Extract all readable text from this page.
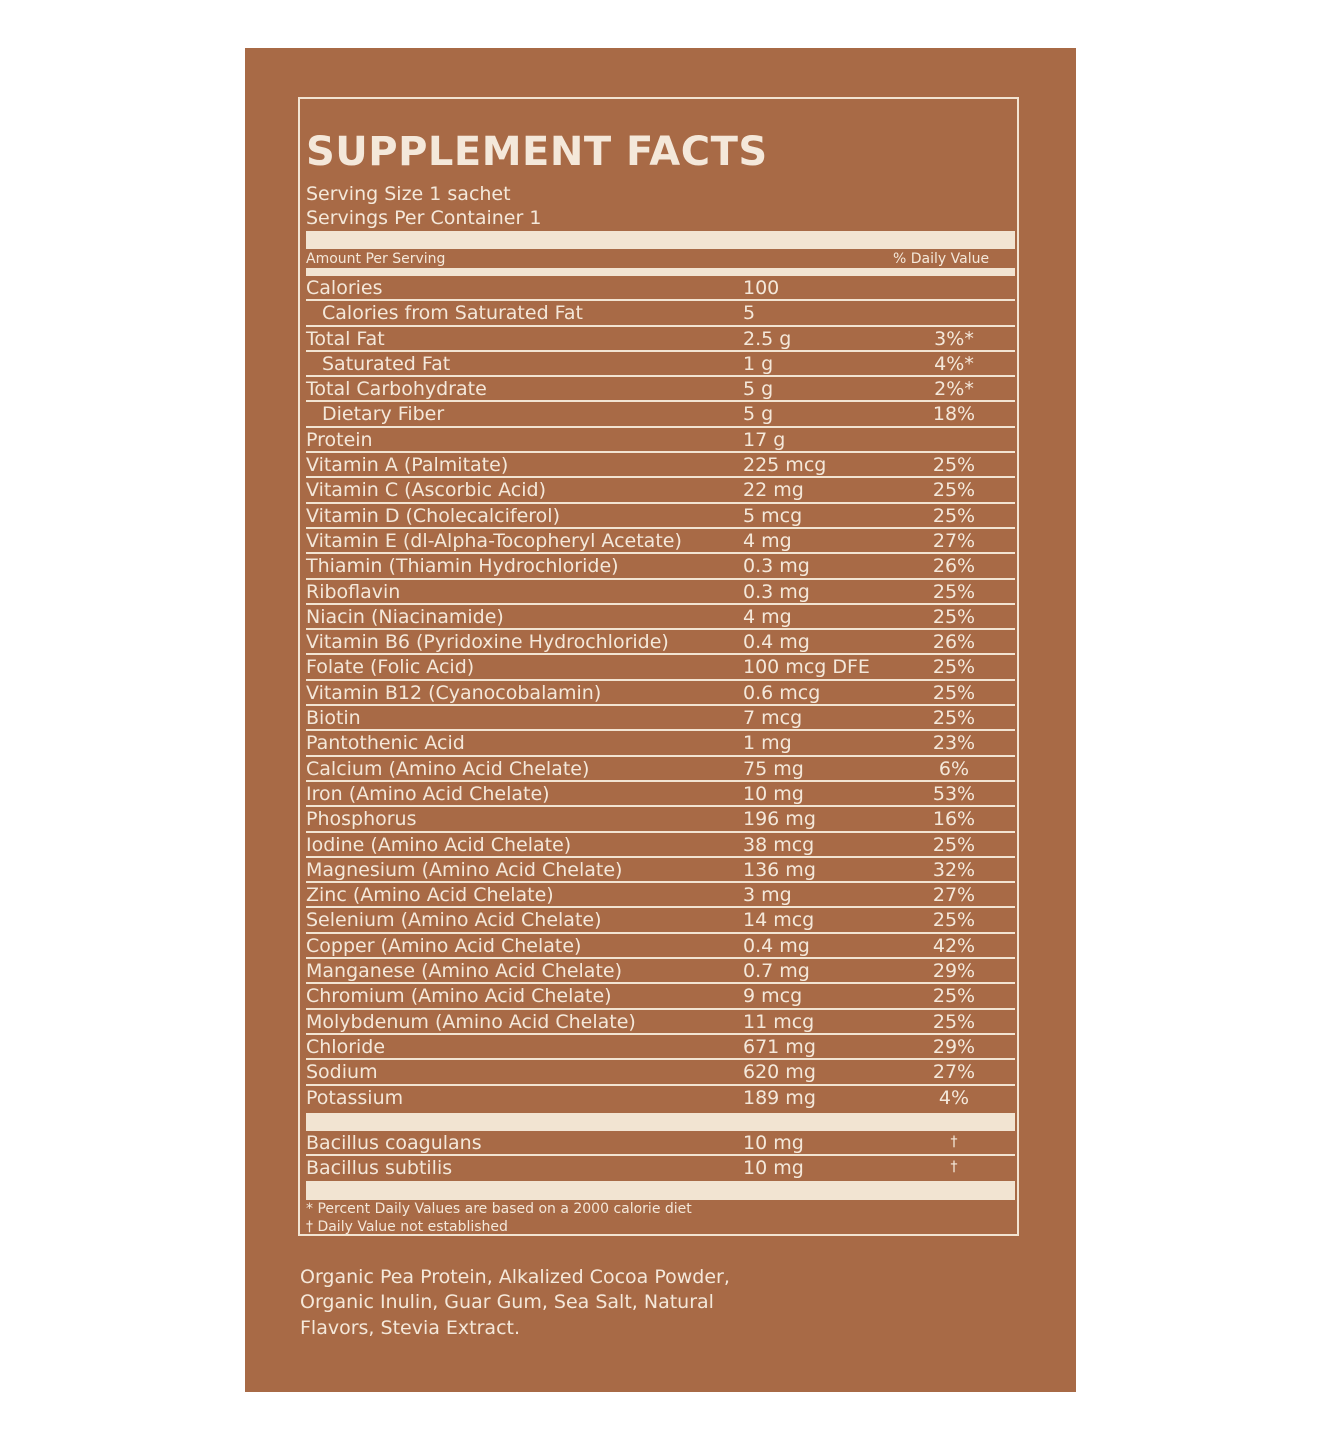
SUPPLEMENT FACTS
Serving Size 1 sachet
Servings Per Container 1
Amount Per Serving	% Daily Value
Calories	100
Calories from Saturated Fat	5
Total Fat	2.5 g	3%*
Saturated Fat	1 g	4%*
Total Carbohydrate	5 g	2%*
Dietary Fiber	5 g	18%
Protein	17 g
Vitamin A (Palmitate)	225 mcg	25%
Vitamin C (Ascorbic Acid)	22 mg	25%
Vitamin D (Cholecalciferol)	5 mcg	25%
Vitamin E (dl-Alpha-Tocopheryl Acetate)	4 mg	27%
Thiamin (Thiamin Hydrochloride)	0.3 mg	26%
Riboflavin	0.3 mg	25%
Niacin (Niacinamide)	4 mg	25%
Vitamin B6 (Pyridoxine Hydrochloride)	0.4 mg	26%
Folate (Folic Acid)	100 mcg DFE	25%
Vitamin B12 (Cyanocobalamin)	0.6 mcg	25%
Biotin	7 mcg	25%
Pantothenic Acid	1 mg	23%
Calcium (Amino Acid Chelate)	75 mg	6%
Iron (Amino Acid Chelate)	10 mg	53%
Phosphorus	196 mg	16%
Iodine (Amino Acid Chelate)	38 mcg	25%
Magnesium (Amino Acid Chelate)	136 mg	32%
Zinc (Amino Acid Chelate)	3 mg	27%
Selenium (Amino Acid Chelate)	14 mcg	25%
Copper (Amino Acid Chelate)	0.4 mg	42%
Manganese (Amino Acid Chelate)	0.7 mg	29%
Chromium (Amino Acid Chelate)	9 mcg	25%
Molybdenum (Amino Acid Chelate)	11 mcg	25%
Chloride	671 mg	29%
Sodium	620 mg	27%
Potassium	189 mg	4%
Bacillus coagulans	10 mg	†
Bacillus subtilis	10 mg	†
* Percent Daily Values are based on a 2000 calorie diet
† Daily Value not established
Organic Pea Protein, Alkalized Cocoa Powder, Organic Inulin, Guar Gum, Sea Salt, Natural Flavors, Stevia Extract.
